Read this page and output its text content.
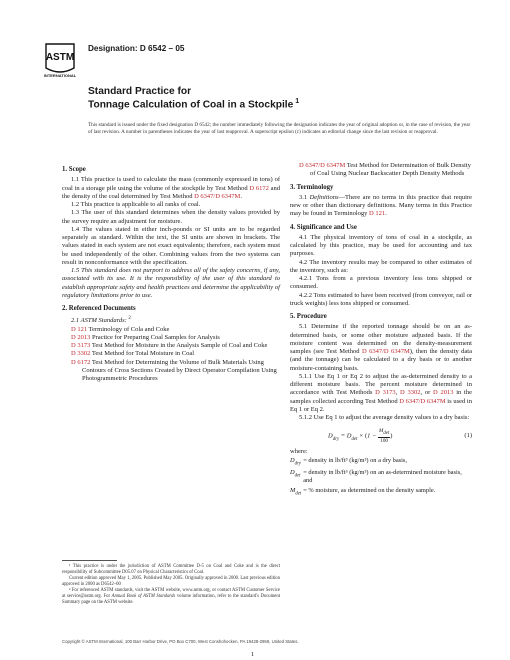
ASTM
INTERNATIONAL
Designation: D 6542 – 05
Standard Practice for
Tonnage Calculation of Coal in a Stockpile $^1$
This standard is issued under the fixed designation D 6542; the number immediately following the designation indicates the year of original adoption or, in the case of revision, the year of last revision. A number in parentheses indicates the year of last reapproval. A superscript epsilon (ε) indicates an editorial change since the last revision or reapproval.
1. Scope

1.1 This practice is used to calculate the mass (commonly expressed in tons) of coal in a storage pile using the volume of the stockpile by Test Method D 6172 and the density of the coal determined by Test Method D 6347/D 6347M.

1.2 This practice is applicable to all ranks of coal.

1.3 The user of this standard determines when the density values provided by the survey require an adjustment for moisture.

1.4 The values stated in either inch-pounds or SI units are to be regarded separately as standard. Within the text, the SI units are shown in brackets. The values stated in each system are not exact equivalents; therefore, each system must be used independently of the other. Combining values from the two systems can result in nonconformance with the specification.

1.5 This standard does not purport to address all of the safety concerns, if any, associated with its use. It is the responsibility of the user of this standard to establish appropriate safety and health practices and determine the applicability of regulatory limitations prior to use.

2. Referenced Documents

2.1 ASTM Standards: $^2$

D 121 Terminology of Cola and Coke

D 2013 Practice for Preparing Coal Samples for Analysis

D 3173 Test Method for Moisture in the Analysis Sample of Coal and Coke

D 3302 Test Method for Total Moisture in Coal

D 6172 Test Method for Determining the Volume of Bulk Materials Using Contours of Cross Sections Created by Direct Operator Compilation Using Photogrammetric Procedures

D 6347/D 6347M Test Method for Determination of Bulk Density of Coal Using Nuclear Backscatter Depth Density Methods

3. Terminology

3.1 Definitions—There are no terms in this practice that require new or other than dictionary definitions. Many terms in this Practice may be found in Terminology D 121.

4. Significance and Use

4.1 The physical inventory of tons of coal in a stockpile, as calculated by this practice, may be used for accounting and tax purposes.

4.2 The inventory results may be compared to other estimates of the inventory, such as:

4.2.1 Tons from a previous inventory less tons shipped or consumed.

4.2.2 Tons estimated to have been received (from conveyor, rail or truck weights) less tons shipped or consumed.

5. Procedure

5.1 Determine if the reported tonnage should be on an as-determined basis, or some other moisture adjusted basis. If the moisture content was determined on the density-measurement samples (see Test Method D 6347/D 6347M), then the density data (and the tonnage) can be calculated to a dry basis or to another moisture-containing basis.

5.1.1 Use Eq 1 or Eq 2 to adjust the as-determined density to a different moisture basis. The percent moisture determined in accordance with Test Methods D 3173, D 3302, or D 2013 in the samples collected according Test Method D 6347/D 6347M is used in Eq 1 or Eq 2.

5.1.2 Use Eq 1 to adjust the average density values to a dry basis:

$D_{dry} = D_{det} \times (1 - \frac{M_{det}}{100}$ )	(1)
where:
$D_{dry}$	= density in lb/ft³ (kg/m³) on a dry basis,
$D_{det}$	= density in lb/ft³ (kg/m³) on an as-determined moisture basis, and
$M_{det}$	= % moisture, as determined on the density sample.

¹ This practice is under the jurisdiction of ASTM Committee D-5 on Coal and Coke and is the direct responsibility of Subcommittee D05.07 on Physical Characteristics of Coal.

Current edition approved May 1, 2005. Published May 2005. Originally approved in 2000. Last previous edition approved in 2000 as D6542–00

² For referenced ASTM standards, visit the ASTM website, www.astm.org, or contact ASTM Customer Service at service@astm.org. For Annual Book of ASTM Standards volume information, refer to the standard's Document Summary page on the ASTM website.

Copyright © ASTM International, 100 Barr Harbor Drive, PO Box C700, West Conshohocken, PA 19428-2959, United States.
1
